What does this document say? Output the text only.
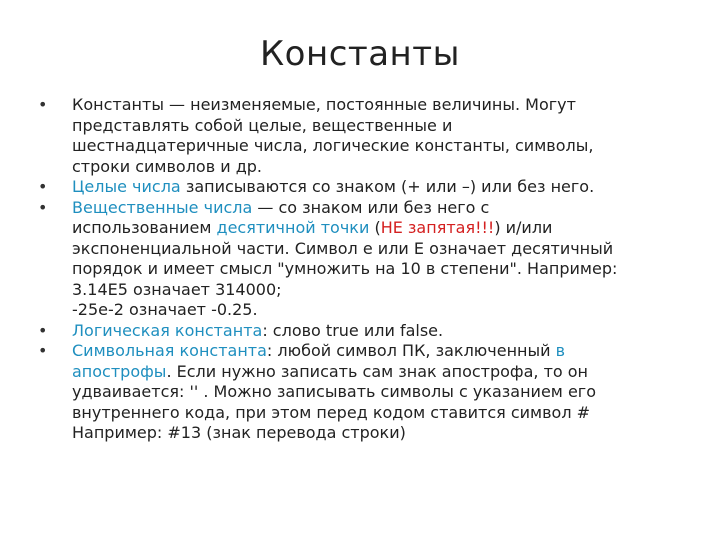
Константы
• Константы — неизменяемые, постоянные величины. Могут
представлять собой целые, вещественные и
шестнадцатеричные числа, логические константы, символы,
строки символов и др.
• Целые числа записываются со знаком (+ или –) или без него.
• Вещественные числа — со знаком или без него с
использованием десятичной точки (НЕ запятая!!!) и/или
экспоненциальной части. Символ e или E означает десятичный
порядок и имеет смысл "умножить на 10 в степени". Например:
3.14E5 означает 314000;
-25e-2 означает -0.25.
• Логическая константа: слово true или false.
• Символьная константа: любой символ ПК, заключенный в
апострофы. Если нужно записать сам знак апострофа, то он
удваивается: '' . Можно записывать символы с указанием его
внутреннего кода, при этом перед кодом ставится символ #
Например: #13 (знак перевода строки)
